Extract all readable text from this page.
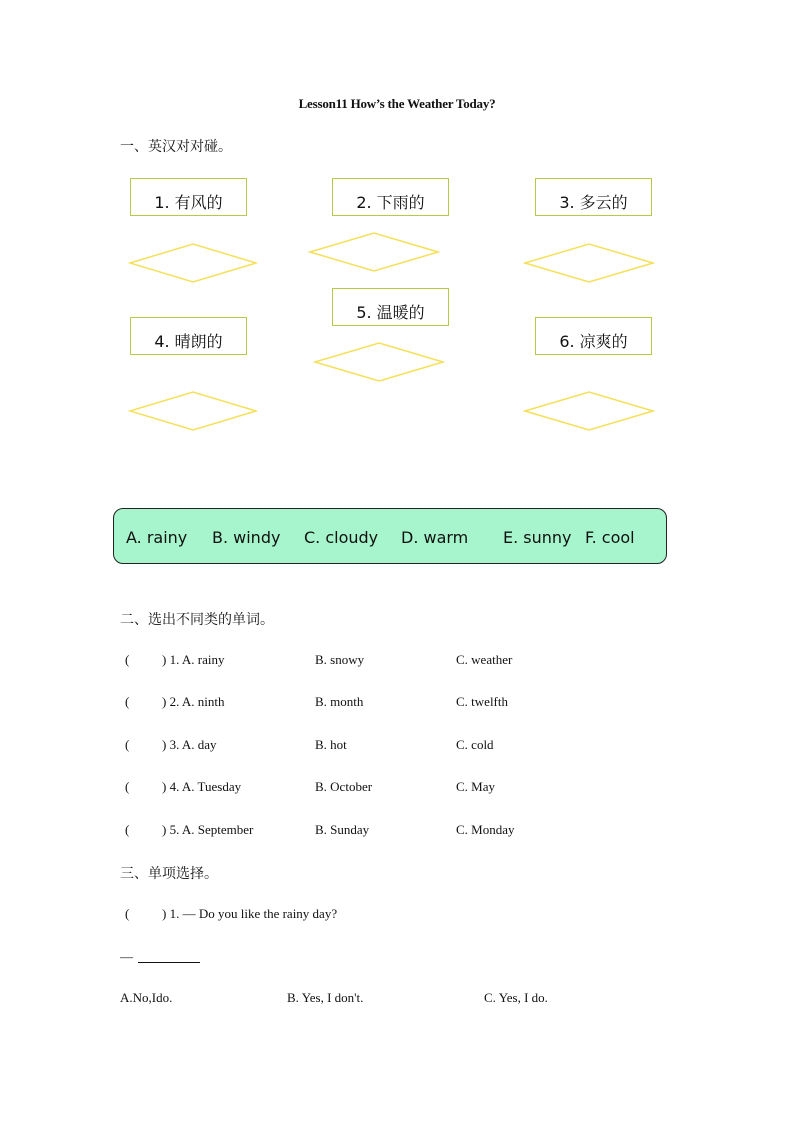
Lesson11 How’s the Weather Today?
一、英汉对对碰。
1. 有风的	2. 下雨的	3. 多云的
4. 晴朗的
5. 温暖的
6. 凉爽的
A. rainy B. windy C. cloudy D. warm E. sunny F. cool
二、选出不同类的单词。
(	) 1. A. rainy	B. snowy	C. weather
(	) 2. A. ninth	B. month	C. twelfth
(	) 3. A. day	B. hot	C. cold
(	) 4. A. Tuesday	B. October	C. May
(	) 5. A. September	B. Sunday	C. Monday
三、单项选择。
(	) 1. — Do you like the rainy day?
—
A.No,Ido.	B. Yes, I don't.	C. Yes, I do.
